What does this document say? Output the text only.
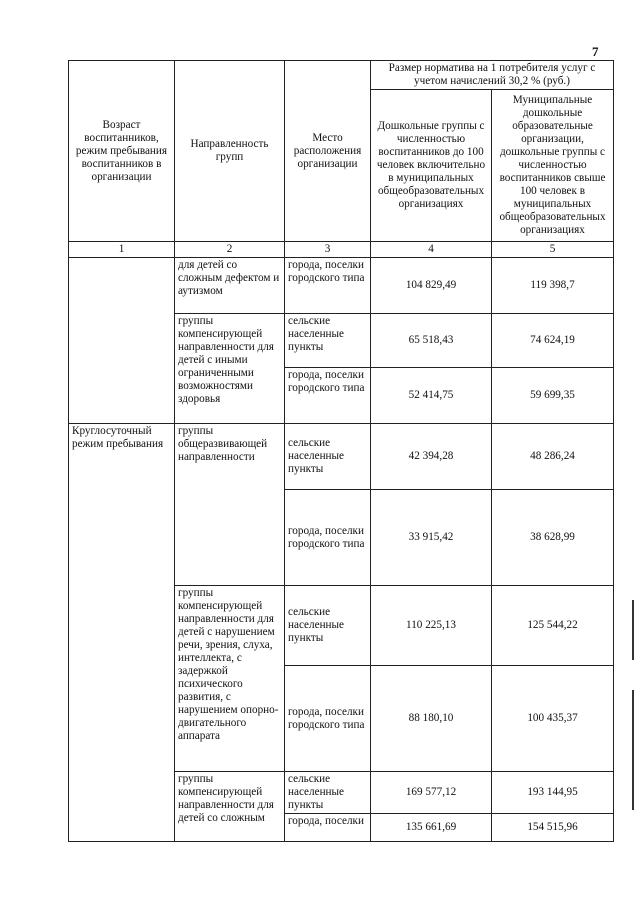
7
Возраст воспитанников, режим пребывания воспитанников в организации	Направленность групп	Место расположения организации	Размер норматива на 1 потребителя услуг с учетом начислений 30,2 % (руб.)	
			Дошкольные группы с численностью воспитанников до 100 человек включительно в муниципальных общеобразовательных организациях	Муниципальные дошкольные образовательные организации, дошкольные группы с численностью воспитанников свыше 100 человек в муниципальных общеобразовательных организациях
1	2	3	4	5
	для детей со сложным дефектом и аутизмом	города, поселки городского типа	104 829,49	119 398,7
	группы компенсирующей направленности для детей с иными ограниченными возможностями здоровья	сельские населенные пункты	65 518,43	74 624,19
		города, поселки городского типа	52 414,75	59 699,35
Круглосуточный режим пребывания	группы общеразвивающей направленности	сельские населенные пункты	42 394,28	48 286,24
		города, поселки городского типа	33 915,42	38 628,99
	группы компенсирующей направленности для детей с нарушением речи, зрения, слуха, интеллекта, с задержкой психического развития, с нарушением опорно-двигательного аппарата	сельские населенные пункты	110 225,13	125 544,22
		города, поселки городского типа	88 180,10	100 435,37
	группы компенсирующей направленности для детей со сложным	сельские населенные пункты	169 577,12	193 144,95
		города, поселки	135 661,69	154 515,96
